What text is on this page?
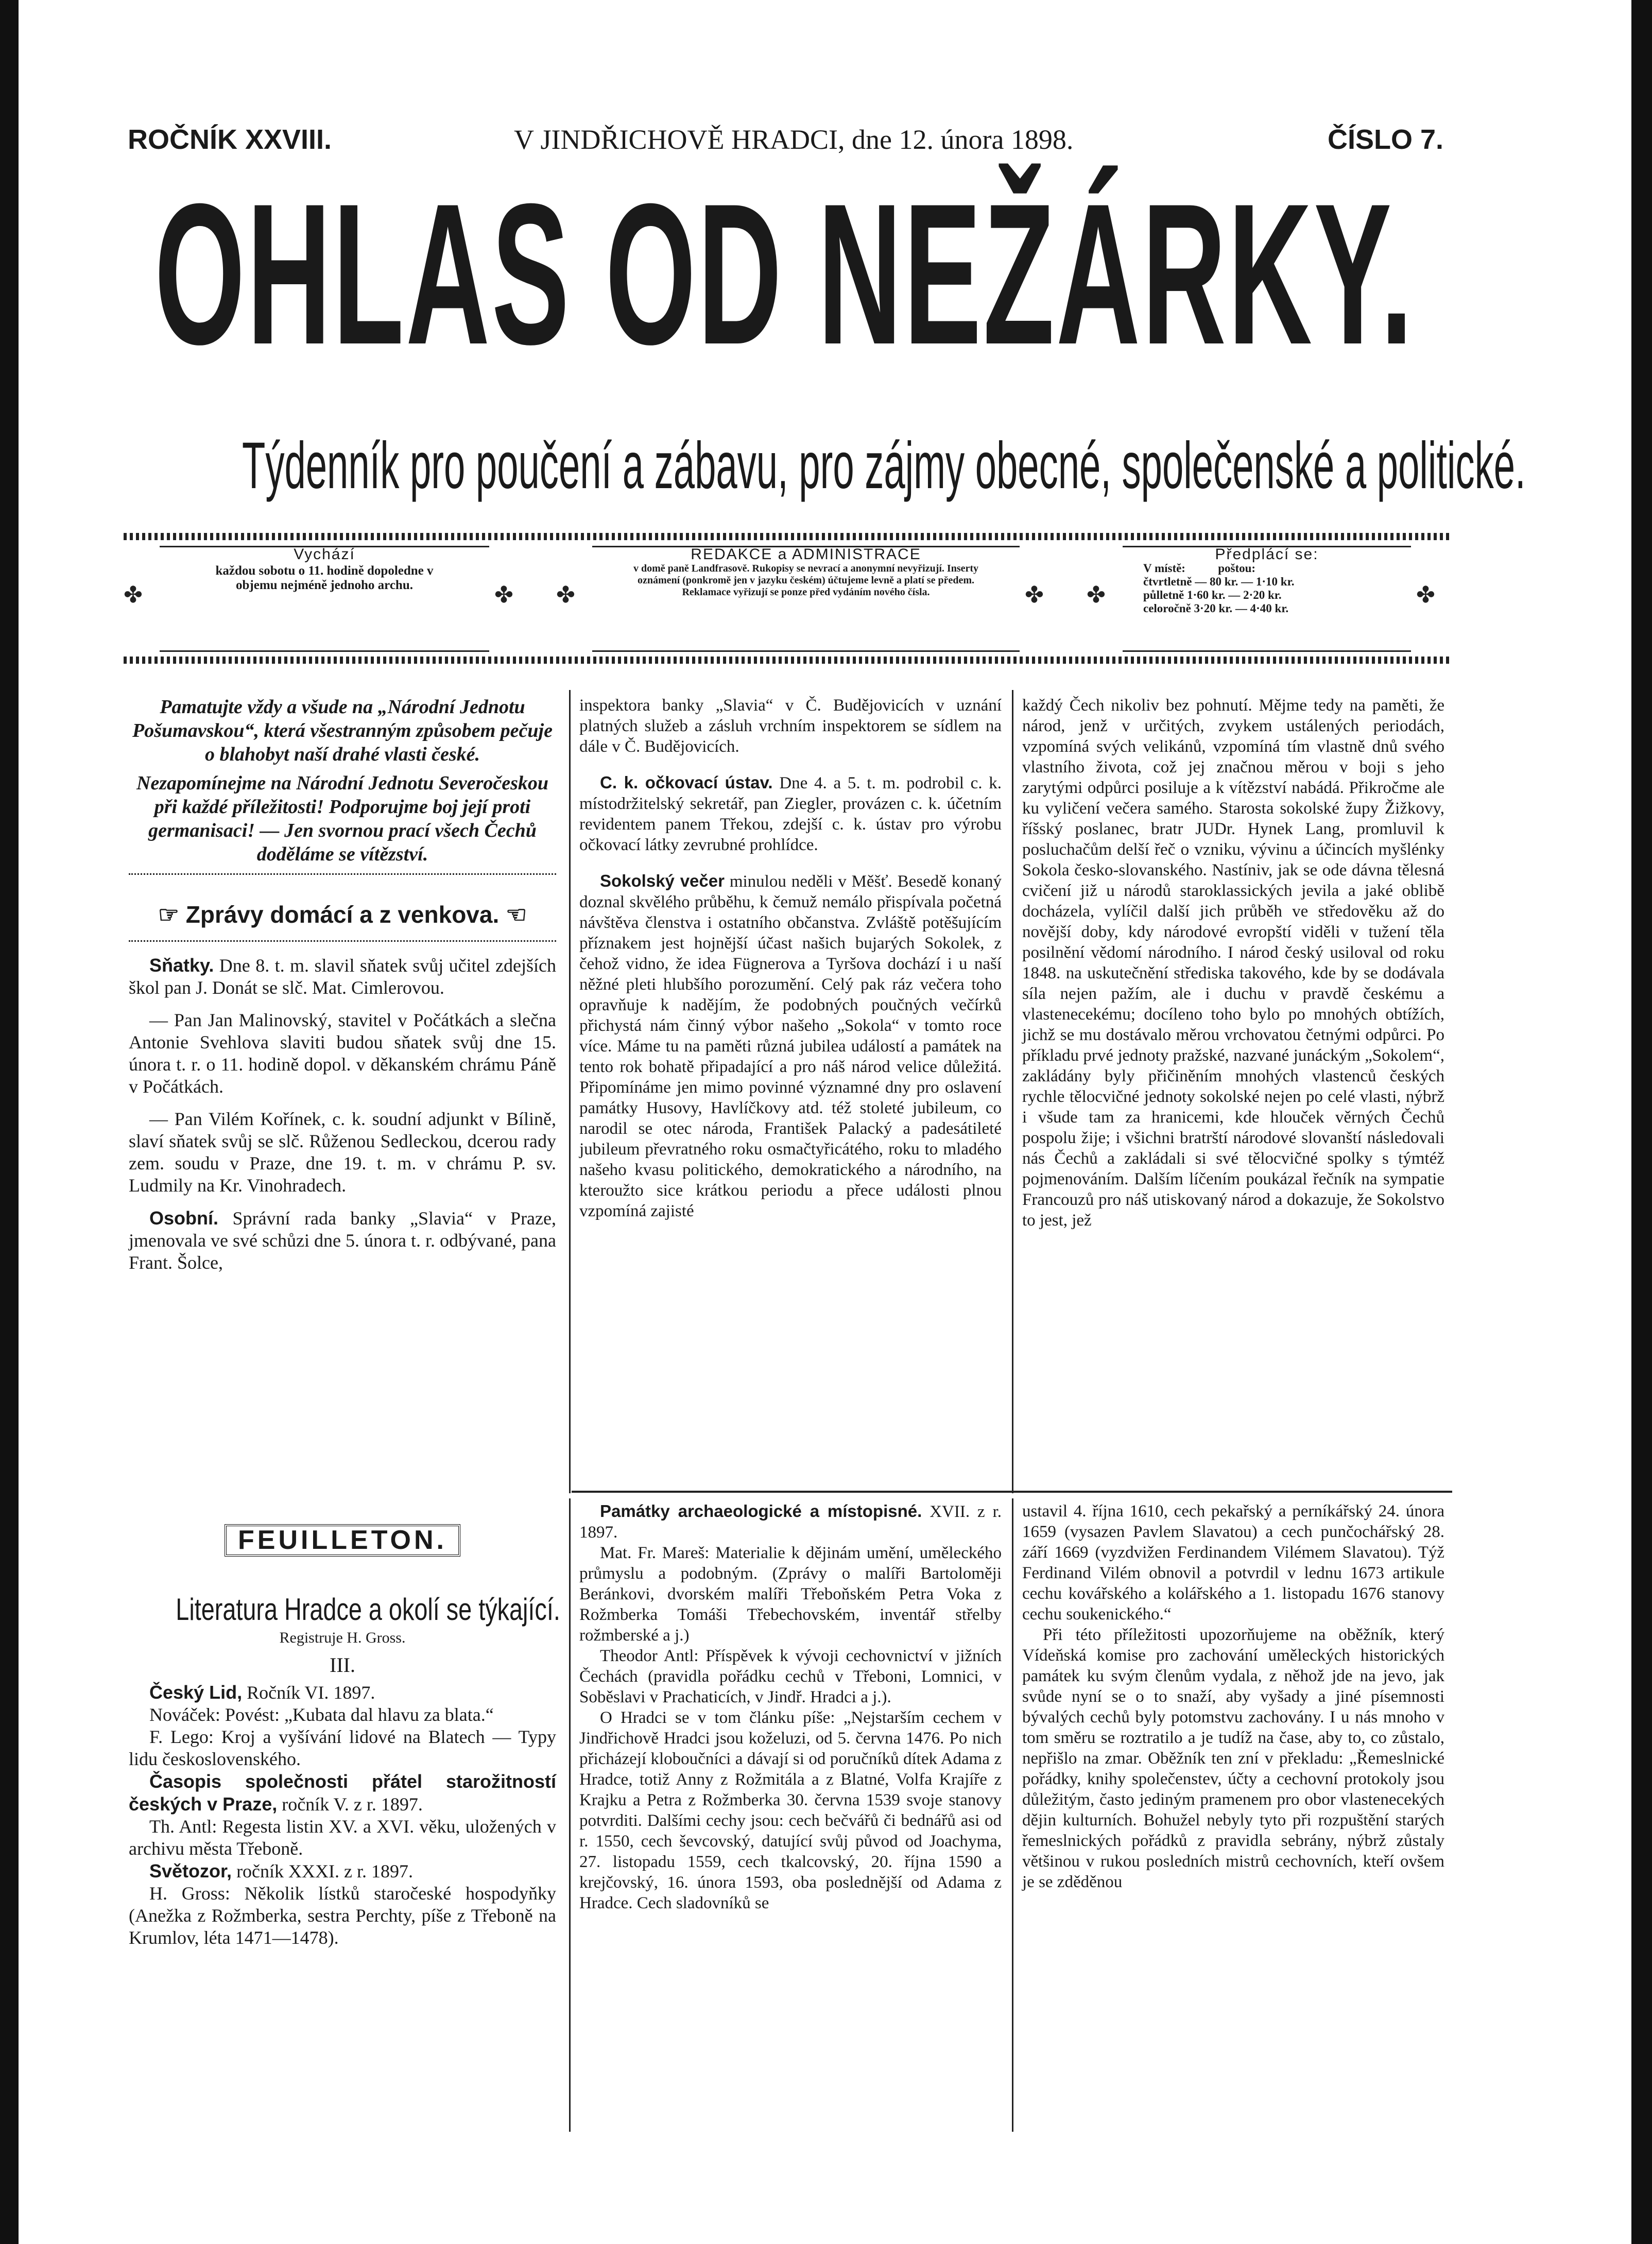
ROČNÍK XXVIII.	V JINDŘICHOVĚ HRADCI, dne 12. února 1898.	ČÍSLO 7.
OHLAS OD NEŽÁRKY.
Týdenník pro poučení a zábavu, pro zájmy obecné, společenské a politické.
✤
Vychází
každou sobotu o 11. hodině dopoledne v objemu nejméně jednoho archu.	✤ ✤
REDAKCE a ADMINISTRACE
v domě paně Landfrasově. Rukopisy se nevrací a anonymní nevyřizují. Inserty oznámení (ponkromě jen v jazyku českém) účtujeme levně a platí se předem. Reklamace vyřizují se ponze před vydáním nového čísla.	✤ ✤
Předplácí se:
V místě:	poštou:
čtvrtletně — 80 kr. — 1·10 kr.
půlletně 1·60 kr. — 2·20 kr.
celoročně 3·20 kr. — 4·40 kr.
✤
Pamatujte vždy a všude na „Národní Jednotu Pošumavskou“, která všestranným způsobem pečuje o blahobyt naší drahé vlasti české.
Nezapomínejme na Národní Jednotu Severočeskou při každé příležitosti! Podporujme boj její proti germanisaci! — Jen svornou prací všech Čechů doděláme se vítězství.
☞ Zprávy domácí a z venkova. ☜

Sňatky. Dne 8. t. m. slavil sňatek svůj učitel zdejších škol pan J. Donát se slč. Mat. Cimlerovou.

— Pan Jan Malinovský, stavitel v Počátkách a slečna Antonie Svehlova slaviti budou sňatek svůj dne 15. února t. r. o 11. hodině dopol. v děkanském chrámu Páně v Počátkách.

— Pan Vilém Kořínek, c. k. soudní adjunkt v Bílině, slaví sňatek svůj se slč. Růženou Sedleckou, dcerou rady zem. soudu v Praze, dne 19. t. m. v chrámu P. sv. Ludmily na Kr. Vinohradech.

Osobní. Správní rada banky „Slavia“ v Praze, jmenovala ve své schůzi dne 5. února t. r. odbývané, pana Frant. Šolce,

FEUILLETON.
Literatura Hradce a okolí se týkající.
Registruje H. Gross.
III.

Český Lid, Ročník VI. 1897.

Nováček: Povést: „Kubata dal hlavu za blata.“

F. Lego: Kroj a vyšívání lidové na Blatech — Typy lidu československého.

Časopis společnosti přátel starožitností českých v Praze, ročník V. z r. 1897.

Th. Antl: Regesta listin XV. a XVI. věku, uložených v archivu města Třeboně.

Světozor, ročník XXXI. z r. 1897.

H. Gross: Několik lístků staročeské hospodyňky (Anežka z Rožmberka, sestra Perchty, píše z Třeboně na Krumlov, léta 1471—1478).

inspektora banky „Slavia“ v Č. Budějovicích v uznání platných služeb a zásluh vrchním inspektorem se sídlem na dále v Č. Budějovicích.

C. k. očkovací ústav. Dne 4. a 5. t. m. podrobil c. k. místodržitelský sekretář, pan Ziegler, provázen c. k. účetním revidentem panem Třekou, zdejší c. k. ústav pro výrobu očkovací látky zevrubné prohlídce.

Sokolský večer minulou neděli v Měšť. Besedě konaný doznal skvělého průběhu, k čemuž nemálo přispívala početná návštěva členstva i ostatního občanstva. Zvláště potěšujícím příznakem jest hojnější účast našich bujarých Sokolek, z čehož vidno, že idea Fügnerova a Tyršova dochází i u naší něžné pleti hlubšího porozumění. Celý pak ráz večera toho opravňuje k nadějím, že podobných poučných večírků přichystá nám činný výbor našeho „Sokola“ v tomto roce více. Máme tu na paměti různá jubilea událostí a památek na tento rok bohatě připadající a pro náš národ velice důležitá. Připomínáme jen mimo povinné významné dny pro oslavení památky Husovy, Havlíčkovy atd. též stoleté jubileum, co narodil se otec národa, František Palacký a padesátileté jubileum převratného roku osmačtyřicátého, roku to mladého našeho kvasu politického, demokratického a národního, na kteroužto sice krátkou periodu a přece události plnou vzpomíná zajisté

Památky archaeologické a místopisné. XVII. z r. 1897.

Mat. Fr. Mareš: Materialie k dějinám umění, uměleckého průmyslu a podobným. (Zprávy o malíři Bartoloměji Beránkovi, dvorském malíři Třeboňském Petra Voka z Rožmberka Tomáši Třebechovském, inventář střelby rožmberské a j.)

Theodor Antl: Příspěvek k vývoji cechovnictví v jižních Čechách (pravidla pořádku cechů v Třeboni, Lomnici, v Soběslavi v Prachaticích, v Jindř. Hradci a j.).

O Hradci se v tom článku píše: „Nejstarším cechem v Jindřichově Hradci jsou koželuzi, od 5. června 1476. Po nich přicházejí kloboučníci a dávají si od poručníků dítek Adama z Hradce, totiž Anny z Rožmitála a z Blatné, Volfa Krajíře z Krajku a Petra z Rožmberka 30. června 1539 svoje stanovy potvrditi. Dalšími cechy jsou: cech bečvářů či bednářů asi od r. 1550, cech ševcovský, datující svůj původ od Joachyma, 27. listopadu 1559, cech tkalcovský, 20. října 1590 a krejčovský, 16. února 1593, oba poslednější od Adama z Hradce. Cech sladovníků se

každý Čech nikoliv bez pohnutí. Mějme tedy na paměti, že národ, jenž v určitých, zvykem ustálených periodách, vzpomíná svých velikánů, vzpomíná tím vlastně dnů svého vlastního života, což jej značnou měrou v boji s jeho zarytými odpůrci posiluje a k vítězství nabádá. Přikročme ale ku vyličení večera samého. Starosta sokolské župy Žižkovy, říšský poslanec, bratr JUDr. Hynek Lang, promluvil k posluchačům delší řeč o vzniku, vývinu a účincích myšlénky Sokola česko-slovanského. Nastíniv, jak se ode dávna tělesná cvičení již u národů staroklassických jevila a jaké oblibě docházela, vylíčil další jich průběh ve středověku až do novější doby, kdy národové evropští viděli v tužení těla posilnění vědomí národního. I národ český usiloval od roku 1848. na uskutečnění střediska takového, kde by se dodávala síla nejen pažím, ale i duchu v pravdě českému a vlastenecekému; docíleno toho bylo po mnohých obtížích, jichž se mu dostávalo měrou vrchovatou četnými odpůrci. Po příkladu prvé jednoty pražské, nazvané junáckým „Sokolem“, zakládány byly přičiněním mnohých vlastenců českých rychle tělocvičné jednoty sokolské nejen po celé vlasti, nýbrž i všude tam za hranicemi, kde hlouček věrných Čechů pospolu žije; i všichni bratrští národové slovanští následovali nás Čechů a zakládali si své tělocvičné spolky s týmtéž pojmenováním. Dalším líčením poukázal řečník na sympatie Francouzů pro náš utiskovaný národ a dokazuje, že Sokolstvo to jest, jež

ustavil 4. října 1610, cech pekařský a perníkářský 24. února 1659 (vysazen Pavlem Slavatou) a cech punčochářský 28. září 1669 (vyzdvižen Ferdinandem Vilémem Slavatou). Týž Ferdinand Vilém obnovil a potvrdil v lednu 1673 artikule cechu kovářského a kolářského a 1. listopadu 1676 stanovy cechu soukenického.“

Při této příležitosti upozorňujeme na oběžník, který Vídeňská komise pro zachování uměleckých historických památek ku svým členům vydala, z něhož jde na jevo, jak svůde nyní se o to snaží, aby vyšady a jiné písemnosti bývalých cechů byly potomstvu zachovány. I u nás mnoho v tom směru se roztratilo a je tudíž na čase, aby to, co zůstalo, nepřišlo na zmar. Oběžník ten zní v překladu: „Řemeslnické pořádky, knihy společenstev, účty a cechovní protokoly jsou důležitým, často jediným pramenem pro obor vlastenecekých dějin kulturních. Bohužel nebyly tyto při rozpuštění starých řemeslnických pořádků z pravidla sebrány, nýbrž zůstaly většinou v rukou posledních mistrů cechovních, kteří ovšem je se zděděnou
